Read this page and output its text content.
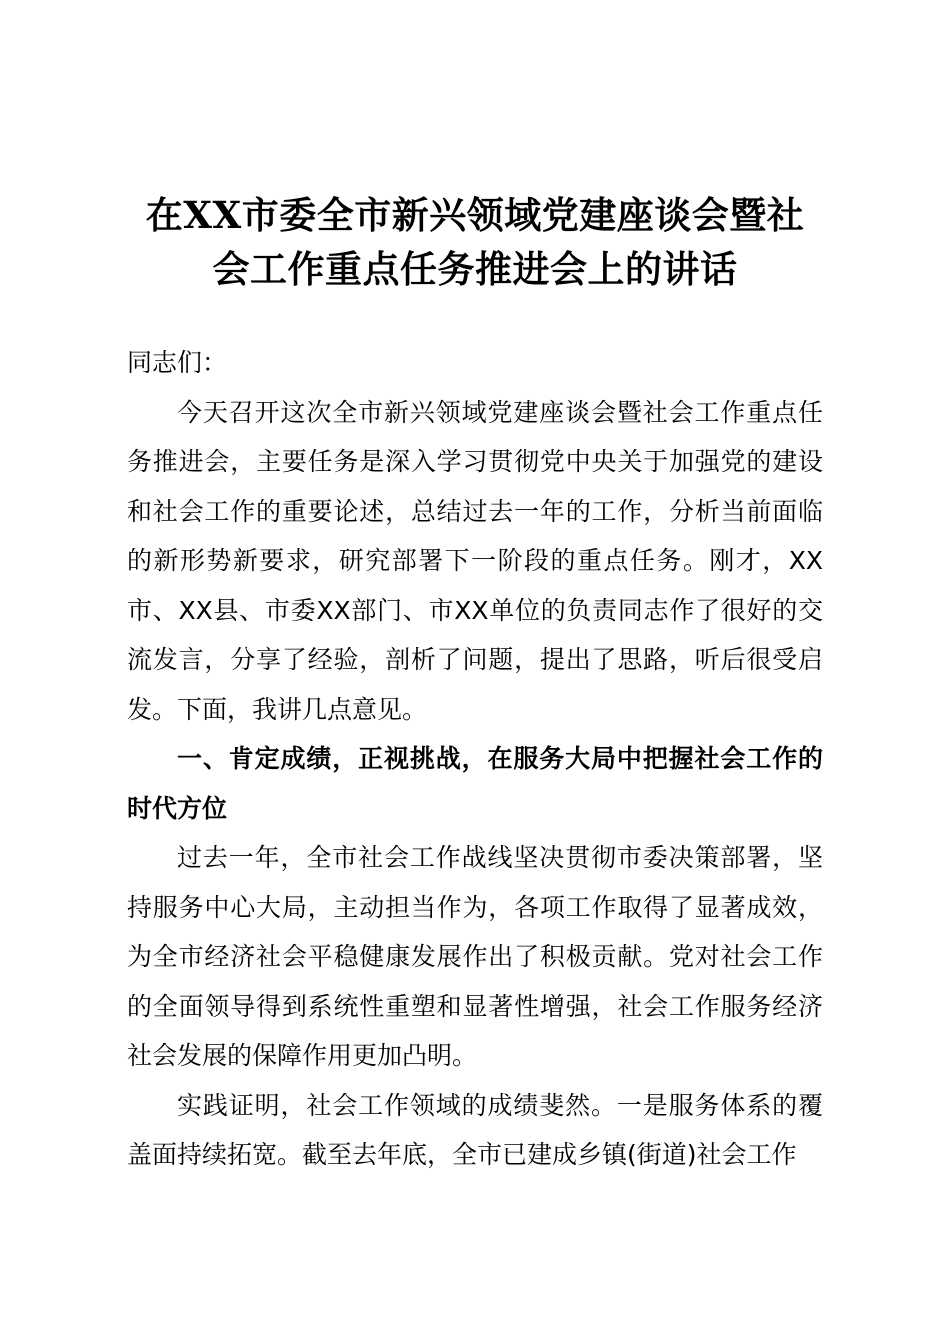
在XX市委全市新兴领域党建座谈会暨社
会工作重点任务推进会上的讲话

同志们：

今天召开这次全市新兴领域党建座谈会暨社会工作重点任务推进会，主要任务是深入学习贯彻党中央关于加强党的建设和社会工作的重要论述，总结过去一年的工作，分析当前面临的新形势新要求，研究部署下一阶段的重点任务。刚才，XX市、XX县、市委XX部门、市XX单位的负责同志作了很好的交流发言，分享了经验，剖析了问题，提出了思路，听后很受启发。下面，我讲几点意见。

一、肯定成绩，正视挑战，在服务大局中把握社会工作的时代方位

过去一年，全市社会工作战线坚决贯彻市委决策部署，坚持服务中心大局，主动担当作为，各项工作取得了显著成效，为全市经济社会平稳健康发展作出了积极贡献。党对社会工作的全面领导得到系统性重塑和显著性增强，社会工作服务经济社会发展的保障作用更加凸明。

实践证明，社会工作领域的成绩斐然。一是服务体系的覆盖面持续拓宽。截至去年底，全市已建成乡镇(街道)社会工作
